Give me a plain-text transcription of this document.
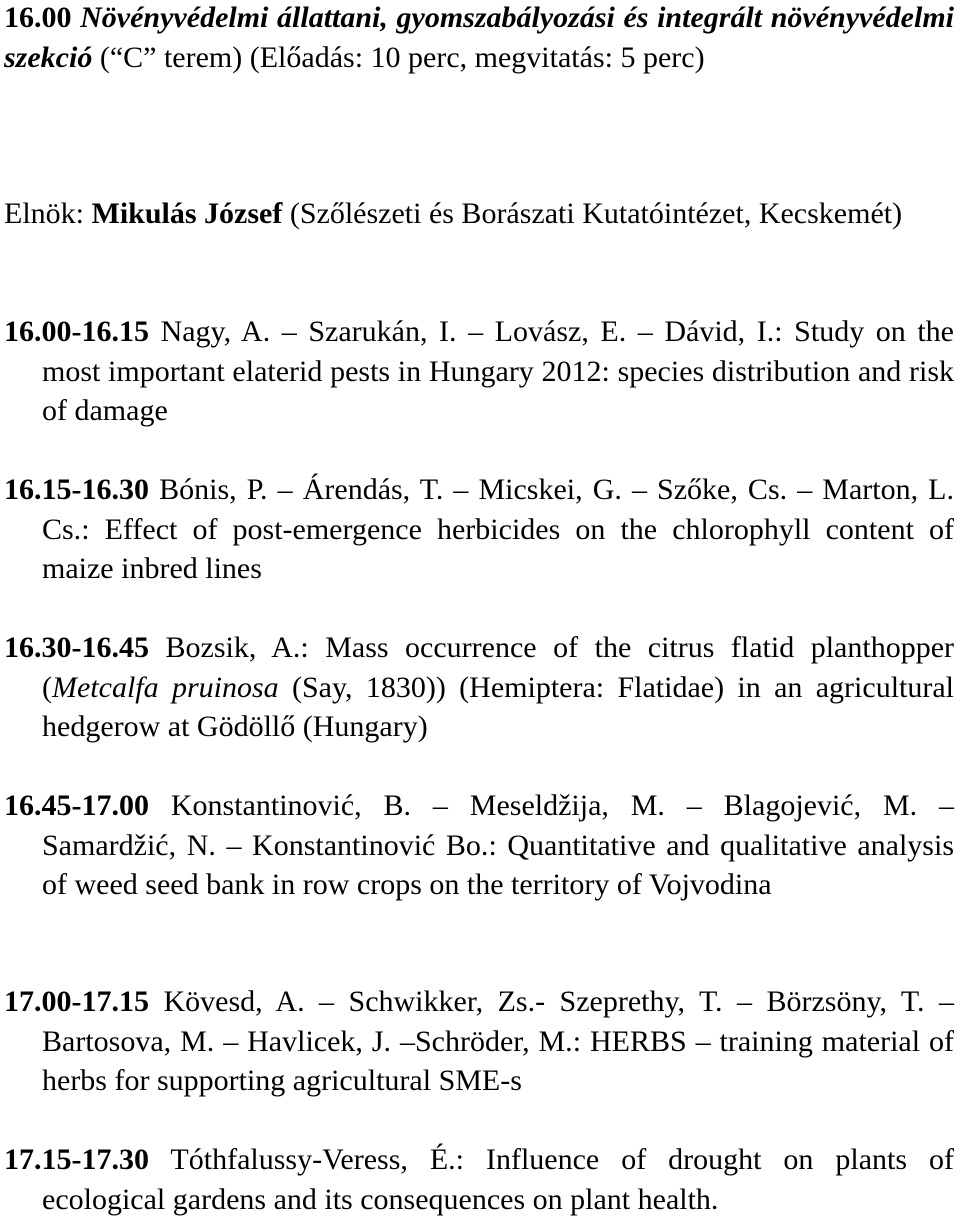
16.00 Növényvédelmi állattani, gyomszabályozási és integrált növényvédelmi szekció (“C” terem) (Előadás: 10 perc, megvitatás: 5 perc)

Elnök: Mikulás József (Szőlészeti és Borászati Kutatóintézet, Kecskemét)

16.00-16.15 Nagy, A. – Szarukán, I. – Lovász, E. – Dávid, I.: Study on the most important elaterid pests in Hungary 2012: species distribution and risk of damage

16.15-16.30 Bónis, P. – Árendás, T. – Micskei, G. – Szőke, Cs. – Marton, L. Cs.: Effect of post-emergence herbicides on the chlorophyll content of maize inbred lines

16.30-16.45 Bozsik, A.: Mass occurrence of the citrus flatid planthopper (Metcalfa pruinosa (Say, 1830)) (Hemiptera: Flatidae) in an agricultural hedgerow at Gödöllő (Hungary)

16.45-17.00 Konstantinović, B. – Meseldžija, M. – Blagojević, M. – Samardžić, N. – Konstantinović Bo.: Quantitative and qualitative analysis of weed seed bank in row crops on the territory of Vojvodina

17.00-17.15 Kövesd, A. – Schwikker, Zs.- Szeprethy, T. – Börzsöny, T. – Bartosova, M. – Havlicek, J. –Schröder, M.: HERBS – training material of herbs for supporting agricultural SME-s

17.15-17.30 Tóthfalussy-Veress, É.: Influence of drought on plants of ecological gardens and its consequences on plant health.
